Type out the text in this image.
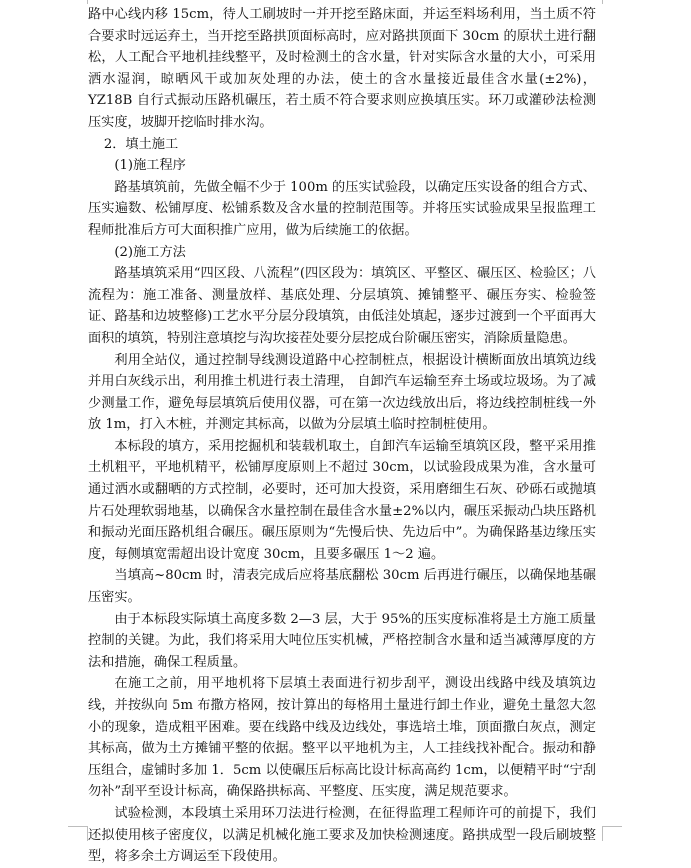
路中心线内移 15cm，待人工刷坡时一并开挖至路床面，并运至料场利用，当土质不符合要求时远运弃土，当开挖至路拱顶面标高时，应对路拱顶面下 30cm 的原状土进行翻松，人工配合平地机挂线整平，及时检测土的含水量，针对实际含水量的大小，可采用洒水湿润，晾晒风干或加灰处理的办法，使土的含水量接近最佳含水量(±2%)，YZ18B 自行式振动压路机碾压，若土质不符合要求则应换填压实。环刀或灌砂法检测压实度，坡脚开挖临时排水沟。

2．填土施工

(1)施工程序

路基填筑前，先做全幅不少于 100m 的压实试验段，以确定压实设备的组合方式、压实遍数、松铺厚度、松铺系数及含水量的控制范围等。并将压实试验成果呈报监理工程师批准后方可大面积推广应用，做为后续施工的依据。

(2)施工方法

路基填筑采用“四区段、八流程”(四区段为：填筑区、平整区、碾压区、检验区；八流程为：施工准备、测量放样、基底处理、分层填筑、摊铺整平、碾压夯实、检验签证、路基和边坡整修)工艺水平分层分段填筑，由低洼处填起，逐步过渡到一个平面再大面积的填筑，特别注意填挖与沟坎接茬处要分层挖成台阶碾压密实，消除质量隐患。

利用全站仪，通过控制导线测设道路中心控制桩点，根据设计横断面放出填筑边线并用白灰线示出，利用推土机进行表土清理， 自卸汽车运输至弃土场或垃圾场。为了减少测量工作，避免每层填筑后使用仪器，可在第一次边线放出后，将边线控制桩线一外放 1m，打入木桩，并测定其标高，以做为分层填土临时控制桩使用。

本标段的填方，采用挖掘机和装载机取土，自卸汽车运输至填筑区段，整平采用推土机粗平，平地机精平，松铺厚度原则上不超过 30cm，以试验段成果为准，含水量可通过洒水或翻晒的方式控制，必要时，还可加大投资，采用磨细生石灰、砂砾石或抛填片石处理软弱地基，以确保含水量控制在最佳含水量±2%以内，碾压采振动凸块压路机和振动光面压路机组合碾压。碾压原则为“先慢后快、先边后中”。为确保路基边缘压实度，每侧填宽需超出设计宽度 30cm，且要多碾压 1～2 遍。

当填高~80cm 时，清表完成后应将基底翻松 30cm 后再进行碾压，以确保地基碾压密实。

由于本标段实际填土高度多数 2—3 层，大于 95%的压实度标准将是土方施工质量控制的关键。为此，我们将采用大吨位压实机械，严格控制含水量和适当减薄厚度的方法和措施，确保工程质量。

在施工之前，用平地机将下层填土表面进行初步刮平，测设出线路中线及填筑边线，并按纵向 5m 布撒方格网，按计算出的每格用土量进行卸土作业，避免土量忽大忽小的现象，造成粗平困难。要在线路中线及边线处，事选培土堆，顶面撒白灰点，测定其标高，做为土方摊铺平整的依据。整平以平地机为主，人工挂线找补配合。振动和静压组合，虚铺时多加 1．5cm 以使碾压后标高比设计标高高约 1cm，以便精平时“宁刮勿补”刮平至设计标高，确保路拱标高、平整度、压实度，满足规范要求。

试验检测，本段填土采用环刀法进行检测，在征得监理工程师许可的前提下，我们还拟使用核子密度仪，以满足机械化施工要求及加快检测速度。路拱成型一段后刷坡整型，将多余土方调运至下段使用。
